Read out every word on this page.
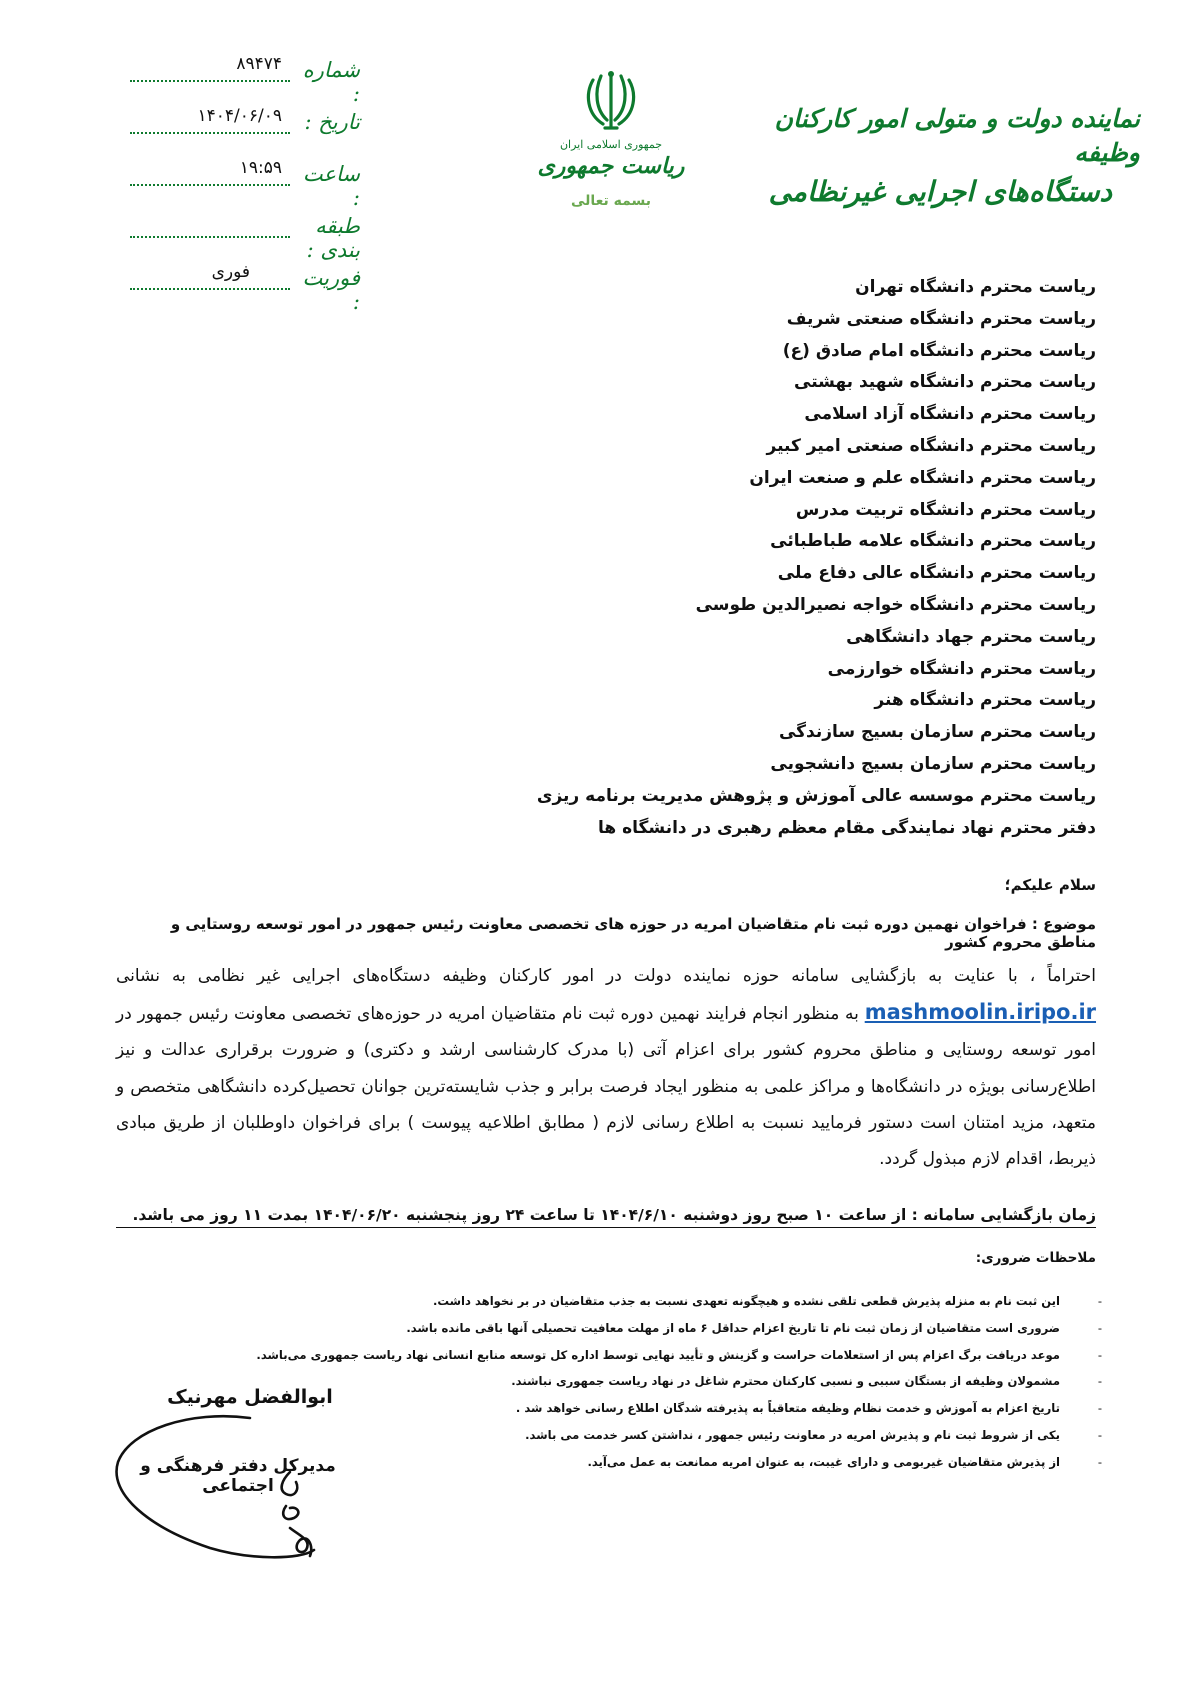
شماره :
۸۹۴۷۴
تاریخ :
۱۴۰۴/۰۶/۰۹
ساعت :
۱۹:۵۹
طبقه بندی :
فوریت :
فوری
جمهوری اسلامی ایران
ریاست جمهوری
بسمه تعالی
نماینده دولت و متولی امور کارکنان وظیفه
دستگاه‌های اجرایی غیرنظامی
ریاست محترم دانشگاه تهران
ریاست محترم دانشگاه صنعتی شریف
ریاست محترم دانشگاه امام صادق (ع)
ریاست محترم دانشگاه شهید بهشتی
ریاست محترم دانشگاه آزاد اسلامی
ریاست محترم دانشگاه صنعتی امیر کبیر
ریاست محترم دانشگاه علم و صنعت ایران
ریاست محترم دانشگاه تربیت مدرس
ریاست محترم دانشگاه علامه طباطبائی
ریاست محترم دانشگاه عالی دفاع ملی
ریاست محترم دانشگاه خواجه نصیرالدین طوسی
ریاست محترم جهاد دانشگاهی
ریاست محترم دانشگاه خوارزمی
ریاست محترم دانشگاه هنر
ریاست محترم سازمان بسیج سازندگی
ریاست محترم سازمان بسیج دانشجویی
ریاست محترم موسسه عالی آموزش و پژوهش مدیریت برنامه ریزی
دفتر محترم نهاد نمایندگی مقام معظم رهبری در دانشگاه ها
سلام علیکم؛
موضوع : فراخوان نهمین دوره ثبت نام متقاضیان امریه در حوزه های تخصصی معاونت رئیس جمهور در امور توسعه روستایی و مناطق محروم کشور
احتراماً ، با عنایت به بازگشایی سامانه حوزه نماینده دولت در امور کارکنان وظیفه دستگاه‌های اجرایی غیر نظامی به نشانی mashmoolin.iripo.ir به منظور انجام فرایند نهمین دوره ثبت نام متقاضیان امریه در حوزه‌های تخصصی معاونت رئیس جمهور در امور توسعه روستایی و مناطق محروم کشور برای اعزام آتی (با مدرک کارشناسی ارشد و دکتری) و ضرورت برقراری عدالت و نیز اطلاع‌رسانی بویژه در دانشگاه‌ها و مراکز علمی به منظور ایجاد فرصت برابر و جذب شایسته‌ترین جوانان تحصیل‌کرده دانشگاهی متخصص و متعهد، مزید امتنان است دستور فرمایید نسبت به اطلاع رسانی لازم ( مطابق اطلاعیه پیوست ) برای فراخوان داوطلبان از طریق مبادی ذیربط، اقدام لازم مبذول گردد.
زمان بازگشایی سامانه : از ساعت ۱۰ صبح روز دوشنبه ۱۴۰۴/۶/۱۰ تا ساعت ۲۴ روز پنجشنبه ۱۴۰۴/۰۶/۲۰ بمدت ۱۱ روز می باشد.
ملاحظات ضروری:
-
این ثبت نام به منزله پذیرش قطعی تلقی نشده و هیچگونه تعهدی نسبت به جذب متقاضیان در بر نخواهد داشت.
-
ضروری است متقاضیان از زمان ثبت نام تا تاریخ اعزام حداقل ۶ ماه از مهلت معافیت تحصیلی آنها باقی مانده باشد.
-
موعد دریافت برگ اعزام پس از استعلامات حراست و گزینش و تأیید نهایی توسط اداره کل توسعه منابع انسانی نهاد ریاست جمهوری می‌باشد.
-
مشمولان وظیفه از بستگان سببی و نسبی کارکنان محترم شاغل در نهاد ریاست جمهوری نباشند.
-
تاریخ اعزام به آموزش و خدمت نظام وظیفه متعاقباً به پذیرفته شدگان اطلاع رسانی خواهد شد .
-
یکی از شروط ثبت نام و پذیرش امریه در معاونت رئیس جمهور ، نداشتن کسر خدمت می باشد.
-
از پذیرش متقاضیان غیربومی و دارای غیبت، به عنوان امریه ممانعت به عمل می‌آید.
ابوالفضل مهرنیک
مدیرکل دفتر فرهنگی و اجتماعی
